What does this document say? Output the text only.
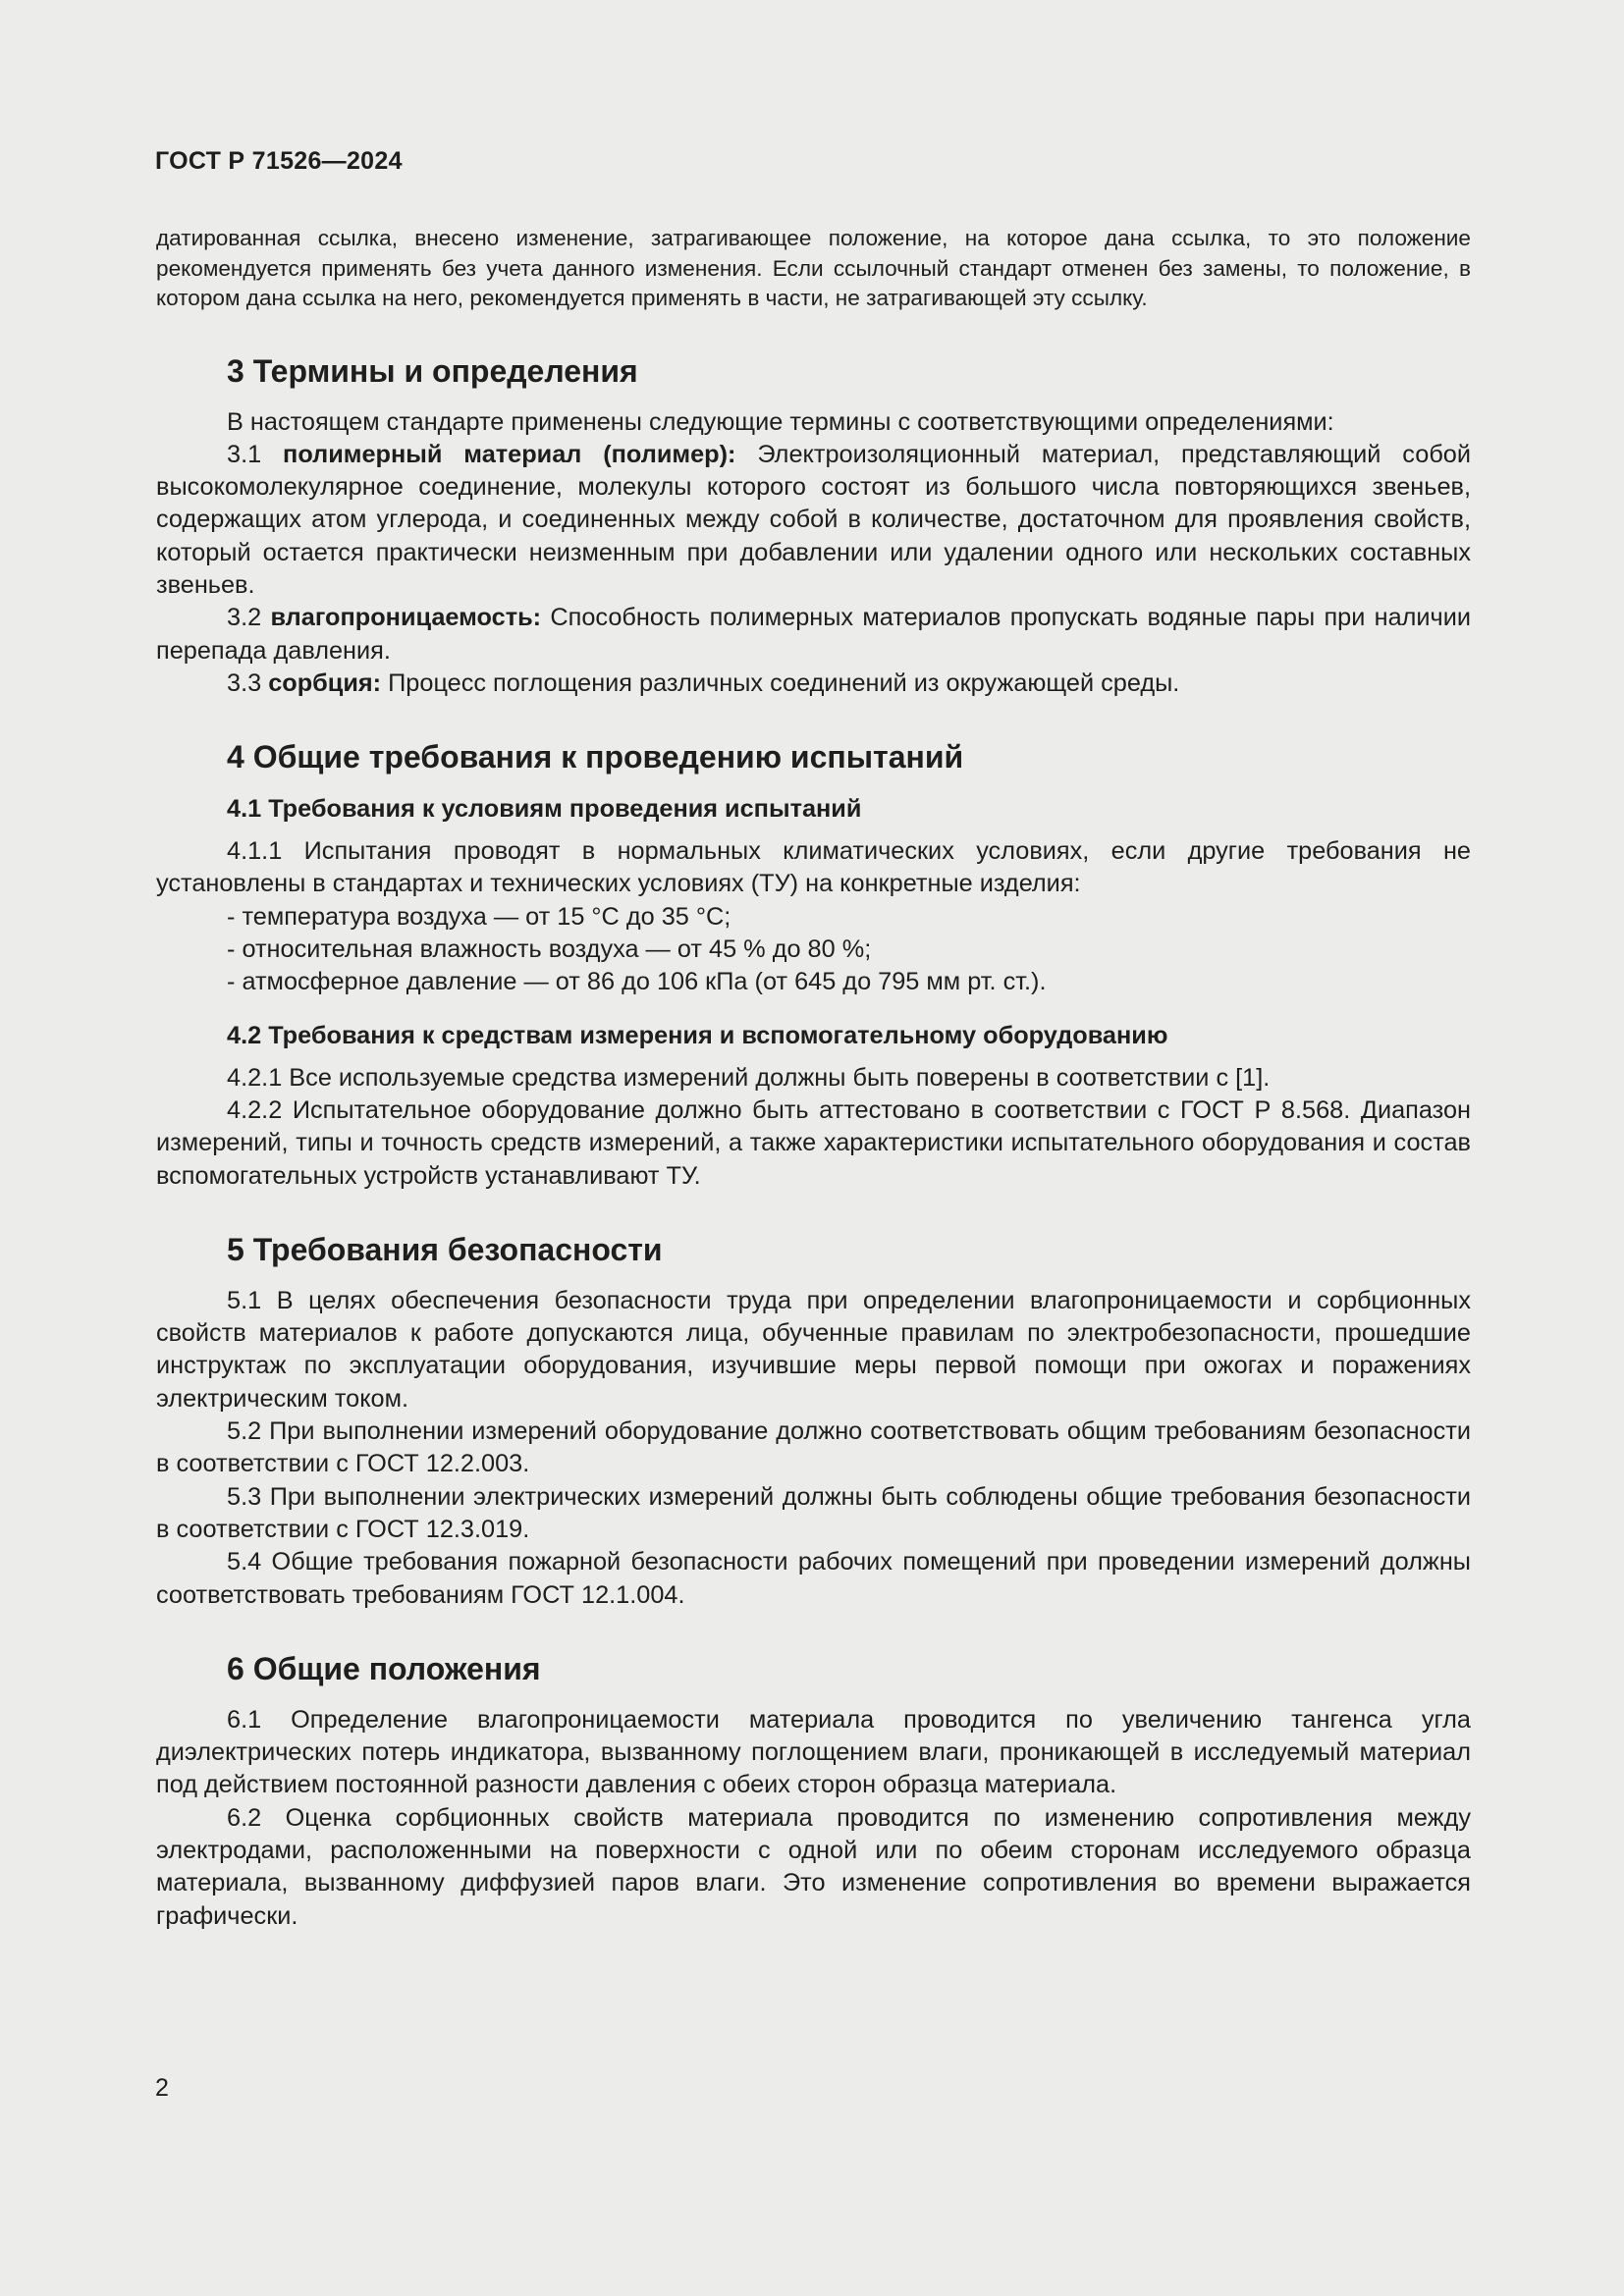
ГОСТ Р 71526—2024

датированная ссылка, внесено изменение, затрагивающее положение, на которое дана ссылка, то это положение рекомендуется применять без учета данного изменения. Если ссылочный стандарт отменен без замены, то положение, в котором дана ссылка на него, рекомендуется применять в части, не затрагивающей эту ссылку.

3 Термины и определения

В настоящем стандарте применены следующие термины с соответствующими определениями:

3.1 полимерный материал (полимер): Электроизоляционный материал, представляющий собой высокомолекулярное соединение, молекулы которого состоят из большого числа повторяющихся звеньев, содержащих атом углерода, и соединенных между собой в количестве, достаточном для проявления свойств, который остается практически неизменным при добавлении или удалении одного или нескольких составных звеньев.

3.2 влагопроницаемость: Способность полимерных материалов пропускать водяные пары при наличии перепада давления.

3.3 сорбция: Процесс поглощения различных соединений из окружающей среды.

4 Общие требования к проведению испытаний
4.1 Требования к условиям проведения испытаний

4.1.1 Испытания проводят в нормальных климатических условиях, если другие требования не установлены в стандартах и технических условиях (ТУ) на конкретные изделия:

- температура воздуха — от 15 °С до 35 °С;

- относительная влажность воздуха — от 45 % до 80 %;

- атмосферное давление — от 86 до 106 кПа (от 645 до 795 мм рт. ст.).

4.2 Требования к средствам измерения и вспомогательному оборудованию

4.2.1 Все используемые средства измерений должны быть поверены в соответствии с [1].

4.2.2 Испытательное оборудование должно быть аттестовано в соответствии с ГОСТ Р 8.568. Диапазон измерений, типы и точность средств измерений, а также характеристики испытательного оборудования и состав вспомогательных устройств устанавливают ТУ.

5 Требования безопасности

5.1 В целях обеспечения безопасности труда при определении влагопроницаемости и сорбционных свойств материалов к работе допускаются лица, обученные правилам по электробезопасности, прошедшие инструктаж по эксплуатации оборудования, изучившие меры первой помощи при ожогах и поражениях электрическим током.

5.2 При выполнении измерений оборудование должно соответствовать общим требованиям безопасности в соответствии с ГОСТ 12.2.003.

5.3 При выполнении электрических измерений должны быть соблюдены общие требования безопасности в соответствии с ГОСТ 12.3.019.

5.4 Общие требования пожарной безопасности рабочих помещений при проведении измерений должны соответствовать требованиям ГОСТ 12.1.004.

6 Общие положения

6.1 Определение влагопроницаемости материала проводится по увеличению тангенса угла диэлектрических потерь индикатора, вызванному поглощением влаги, проникающей в исследуемый материал под действием постоянной разности давления с обеих сторон образца материала.

6.2 Оценка сорбционных свойств материала проводится по изменению сопротивления между электродами, расположенными на поверхности с одной или по обеим сторонам исследуемого образца материала, вызванному диффузией паров влаги. Это изменение сопротивления во времени выражается графически.

2
